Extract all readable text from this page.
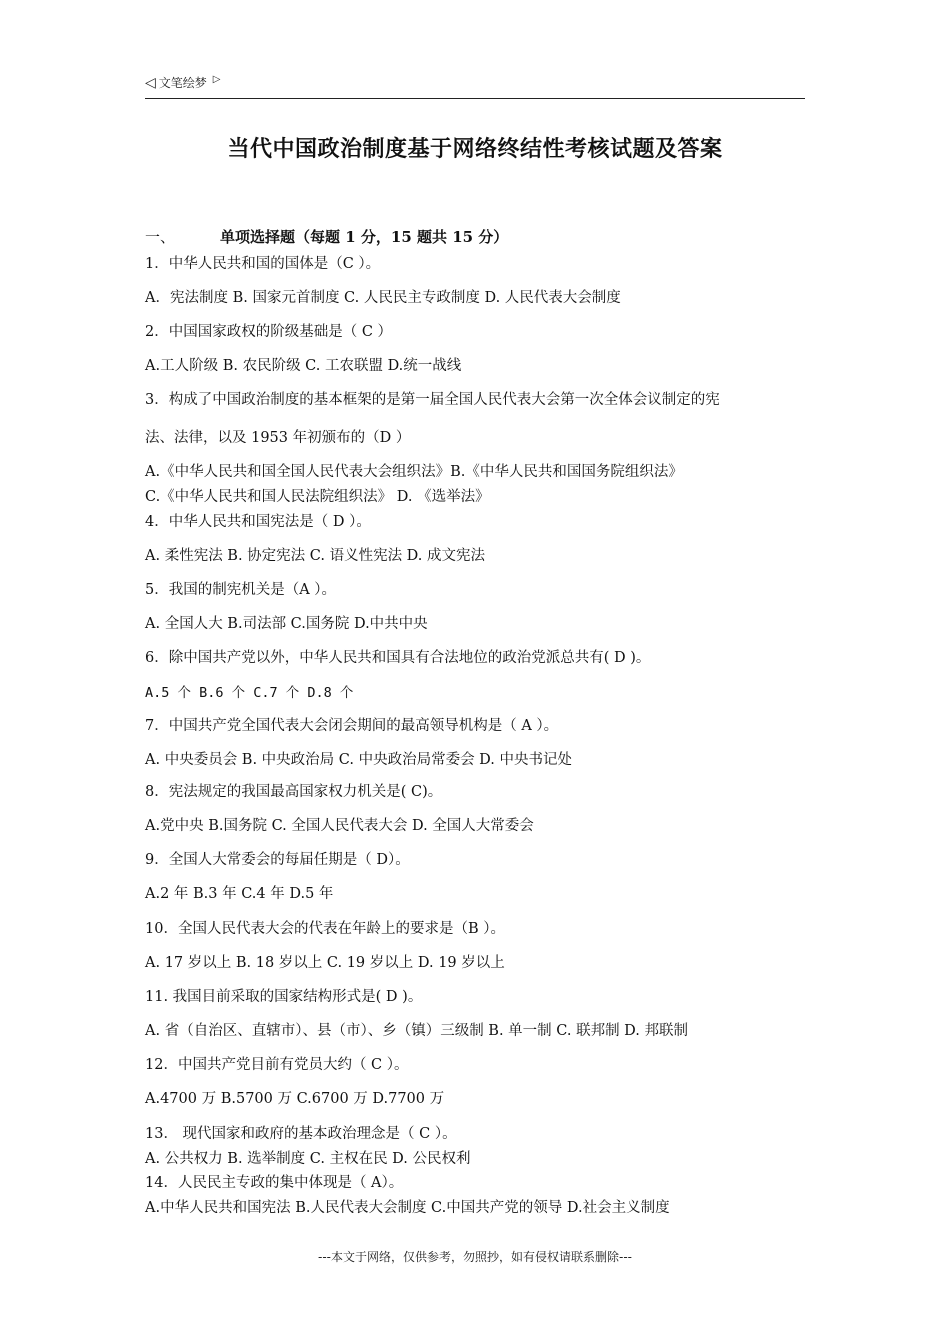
◁ 文笔绘梦 ▷
当代中国政治制度基于网络终结性考核试题及答案
一、	单项选择题（每题 1 分，15 题共 15 分）
1．中华人民共和国的国体是（C ）。
A．宪法制度 B. 国家元首制度 C. 人民民主专政制度 D. 人民代表大会制度
2．中国国家政权的阶级基础是（ C ）
A.工人阶级 B. 农民阶级 C. 工农联盟 D.统一战线
3．构成了中国政治制度的基本框架的是第一届全国人民代表大会第一次全体会议制定的宪
法、法律，以及 1953 年初颁布的（D ）
A.《中华人民共和国全国人民代表大会组织法》B.《中华人民共和国国务院组织法》
C.《中华人民共和国人民法院组织法》 D. 《选举法》
4．中华人民共和国宪法是（ D ）。
A. 柔性宪法 B. 协定宪法 C. 语义性宪法 D. 成文宪法
5．我国的制宪机关是（A ）。
A. 全国人大 B.司法部 C.国务院 D.中共中央
6．除中国共产党以外，中华人民共和国具有合法地位的政治党派总共有( D )。
A.5 个 B.6 个 C.7 个 D.8 个
7．中国共产党全国代表大会闭会期间的最高领导机构是（ A ）。
A. 中央委员会 B. 中央政治局 C. 中央政治局常委会 D. 中央书记处
8．宪法规定的我国最高国家权力机关是( C)。
A.党中央 B.国务院 C. 全国人民代表大会 D. 全国人大常委会
9．全国人大常委会的每届任期是（ D）。
A.2 年 B.3 年 C.4 年 D.5 年
10．全国人民代表大会的代表在年龄上的要求是（B ）。
A. 17 岁以上 B. 18 岁以上 C. 19 岁以上 D. 19 岁以上
11. 我国目前采取的国家结构形式是( D )。
A. 省（自治区、直辖市）、县（市）、乡（镇）三级制 B. 单一制 C. 联邦制 D. 邦联制
12．中国共产党目前有党员大约（ C ）。
A.4700 万 B.5700 万 C.6700 万 D.7700 万
13． 现代国家和政府的基本政治理念是（ C ）。
A. 公共权力 B. 选举制度 C. 主权在民 D. 公民权利
14．人民民主专政的集中体现是（ A）。
A.中华人民共和国宪法 B.人民代表大会制度 C.中国共产党的领导 D.社会主义制度
---本文于网络，仅供参考，勿照抄，如有侵权请联系删除---
